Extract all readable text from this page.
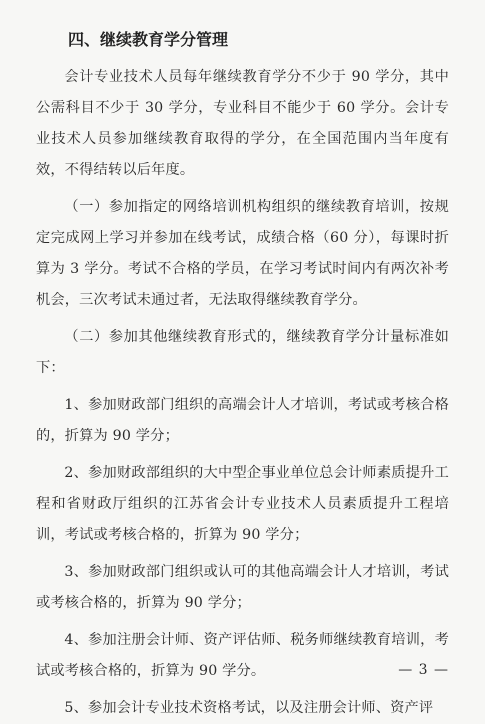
四、继续教育学分管理

会计专业技术人员每年继续教育学分不少于 90 学分，其中公需科目不少于 30 学分，专业科目不能少于 60 学分。会计专业技术人员参加继续教育取得的学分，在全国范围内当年度有效，不得结转以后年度。

（一）参加指定的网络培训机构组织的继续教育培训，按规定完成网上学习并参加在线考试，成绩合格（60 分），每课时折算为 3 学分。考试不合格的学员，在学习考试时间内有两次补考机会，三次考试未通过者，无法取得继续教育学分。

（二）参加其他继续教育形式的，继续教育学分计量标准如下：

1、参加财政部门组织的高端会计人才培训，考试或考核合格的，折算为 90 学分；

2、参加财政部组织的大中型企事业单位总会计师素质提升工程和省财政厅组织的江苏省会计专业技术人员素质提升工程培训，考试或考核合格的，折算为 90 学分；

3、参加财政部门组织或认可的其他高端会计人才培训，考试或考核合格的，折算为 90 学分；

4、参加注册会计师、资产评估师、税务师继续教育培训，考试或考核合格的，折算为 90 学分。

5、参加会计专业技术资格考试，以及注册会计师、资产评

— 3 —
